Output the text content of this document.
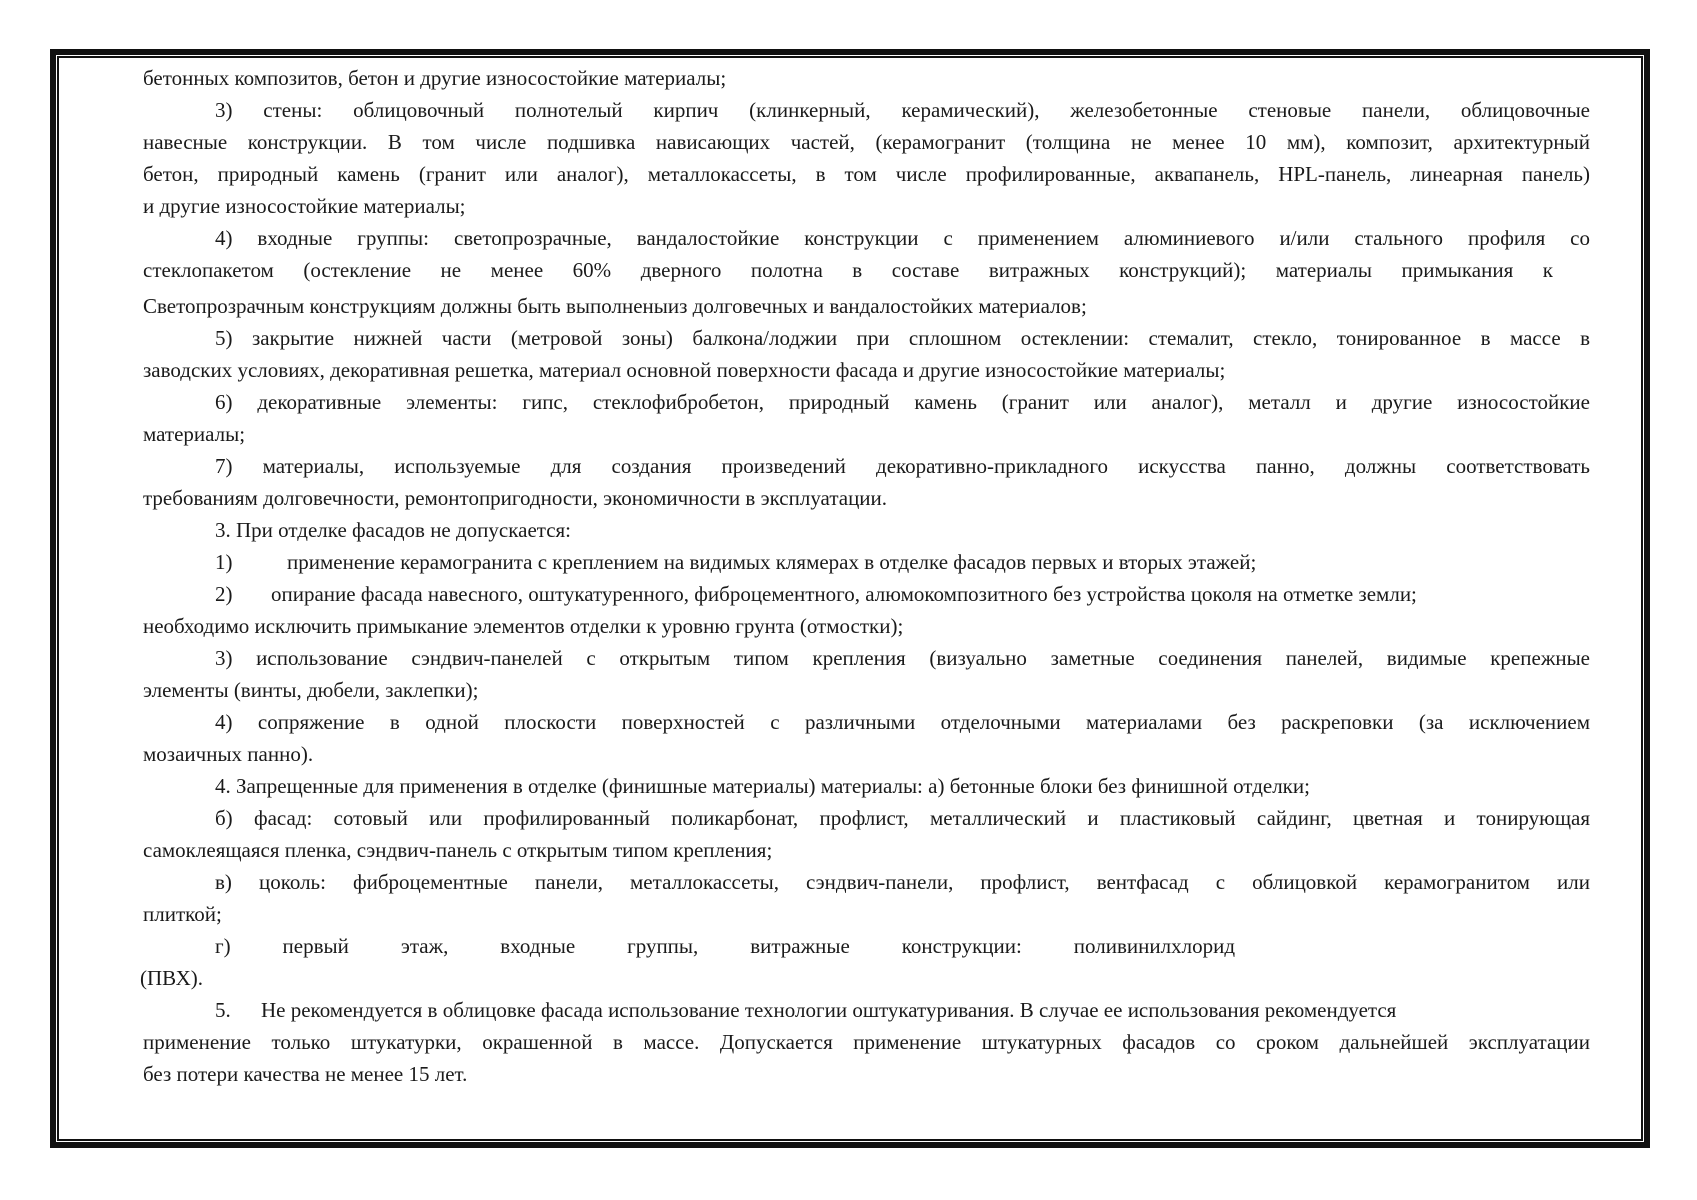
бетонных композитов, бетон и другие износостойкие материалы;
3) стены: облицовочный полнотелый кирпич (клинкерный, керамический), железобетонные стеновые панели, облицовочные
навесные конструкции. В том числе подшивка нависающих частей, (керамогранит (толщина не менее 10 мм), композит, архитектурный
бетон, природный камень (гранит или аналог), металлокассеты, в том числе профилированные, аквапанель, HPL-панель, линеарная панель)
и другие износостойкие материалы;
4) входные группы: светопрозрачные, вандалостойкие конструкции с применением алюминиевого и/или стального профиля со
стеклопакетом (остекление не менее 60% дверного полотна в составе витражных конструкций); материалы примыкания к
Светопрозрачным конструкциям должны быть выполненыиз долговечных и вандалостойких материалов;
5) закрытие нижней части (метровой зоны) балкона/лоджии при сплошном остеклении: стемалит, стекло, тонированное в массе в
заводских условиях, декоративная решетка, материал основной поверхности фасада и другие износостойкие материалы;
6) декоративные элементы: гипс, стеклофибробетон, природный камень (гранит или аналог), металл и другие износостойкие
материалы;
7) материалы, используемые для создания произведений декоративно-прикладного искусства панно, должны соответствовать
требованиям долговечности, ремонтопригодности, экономичности в эксплуатации.
3. При отделке фасадов не допускается:
1)	применение керамогранита с креплением на видимых клямерах в отделке фасадов первых и вторых этажей;
2) опирание фасада навесного, оштукатуренного, фиброцементного, алюмокомпозитного без устройства цоколя на отметке земли;
необходимо исключить примыкание элементов отделки к уровню грунта (отмостки);
3) использование сэндвич-панелей с открытым типом крепления (визуально заметные соединения панелей, видимые крепежные
элементы (винты, дюбели, заклепки);
4) сопряжение в одной плоскости поверхностей с различными отделочными материалами без раскреповки (за исключением
мозаичных панно).
4. Запрещенные для применения в отделке (финишные материалы) материалы: а) бетонные блоки без финишной отделки;
б) фасад: сотовый или профилированный поликарбонат, профлист, металлический и пластиковый сайдинг, цветная и тонирующая
самоклеящаяся пленка, сэндвич-панель с открытым типом крепления;
в) цоколь: фиброцементные панели, металлокассеты, сэндвич-панели, профлист, вентфасад с облицовкой керамогранитом или
плиткой;
г) первый этаж, входные группы, витражные конструкции: поливинилхлорид
(ПВХ).
5. Не рекомендуется в облицовке фасада использование технологии оштукатуривания. В случае ее использования рекомендуется
применение только штукатурки, окрашенной в массе. Допускается применение штукатурных фасадов со сроком дальнейшей эксплуатации
без потери качества не менее 15 лет.
